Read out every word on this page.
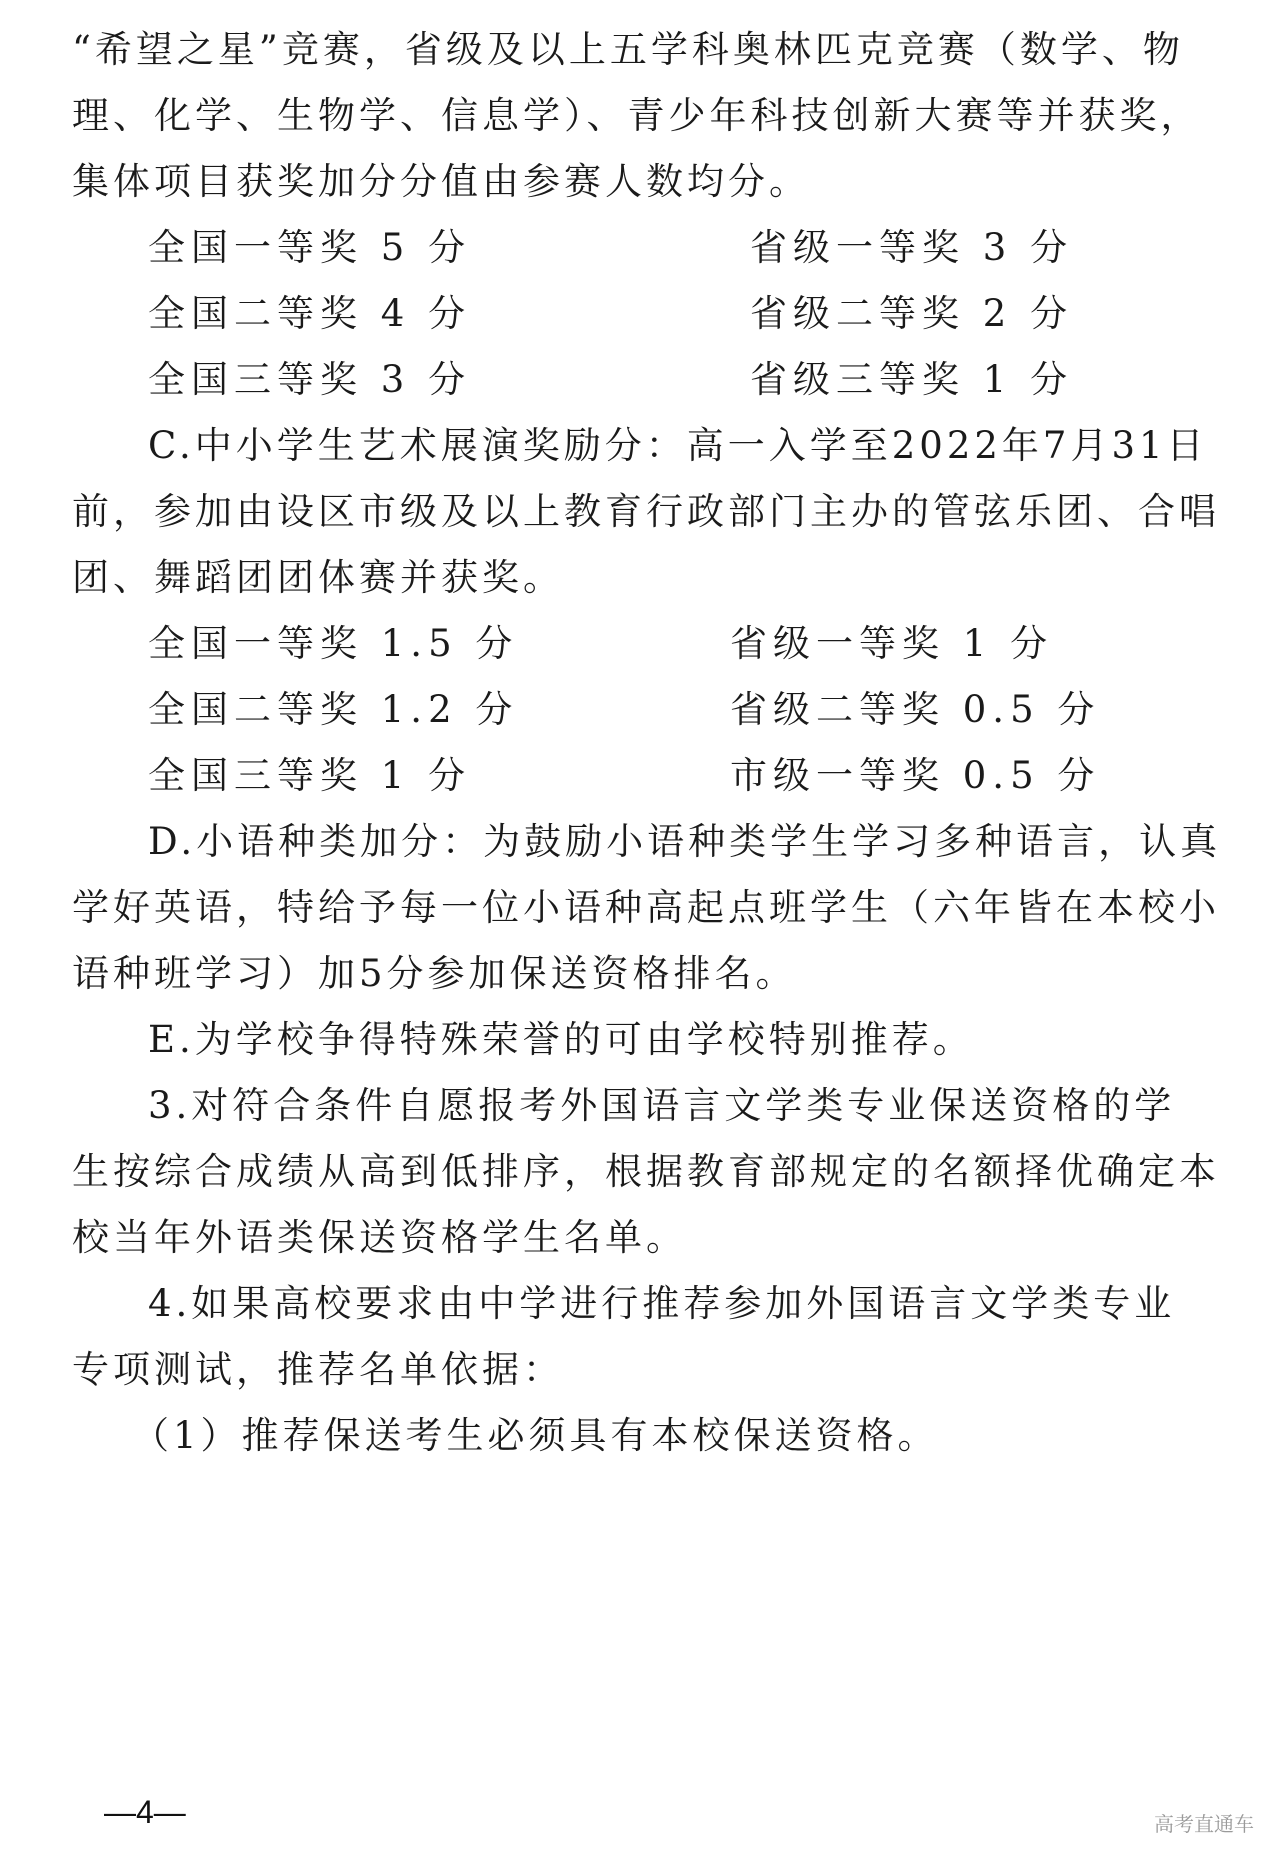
“希望之星”竞赛，省级及以上五学科奥林匹克竞赛（数学、物
理、化学、生物学、信息学）、青少年科技创新大赛等并获奖，
集体项目获奖加分分值由参赛人数均分。
全国一等奖 5 分	省级一等奖 3 分
全国二等奖 4 分	省级二等奖 2 分
全国三等奖 3 分	省级三等奖 1 分
C.中小学生艺术展演奖励分：高一入学至2022年7月31日
前，参加由设区市级及以上教育行政部门主办的管弦乐团、合唱
团、舞蹈团团体赛并获奖。
全国一等奖 1.5 分	省级一等奖 1 分
全国二等奖 1.2 分	省级二等奖 0.5 分
全国三等奖 1 分	市级一等奖 0.5 分
D.小语种类加分：为鼓励小语种类学生学习多种语言，认真
学好英语，特给予每一位小语种高起点班学生（六年皆在本校小
语种班学习）加5分参加保送资格排名。
E.为学校争得特殊荣誉的可由学校特别推荐。
3.对符合条件自愿报考外国语言文学类专业保送资格的学
生按综合成绩从高到低排序，根据教育部规定的名额择优确定本
校当年外语类保送资格学生名单。
4.如果高校要求由中学进行推荐参加外国语言文学类专业
专项测试，推荐名单依据：
（1）推荐保送考生必须具有本校保送资格。
—4—	高考直通车
